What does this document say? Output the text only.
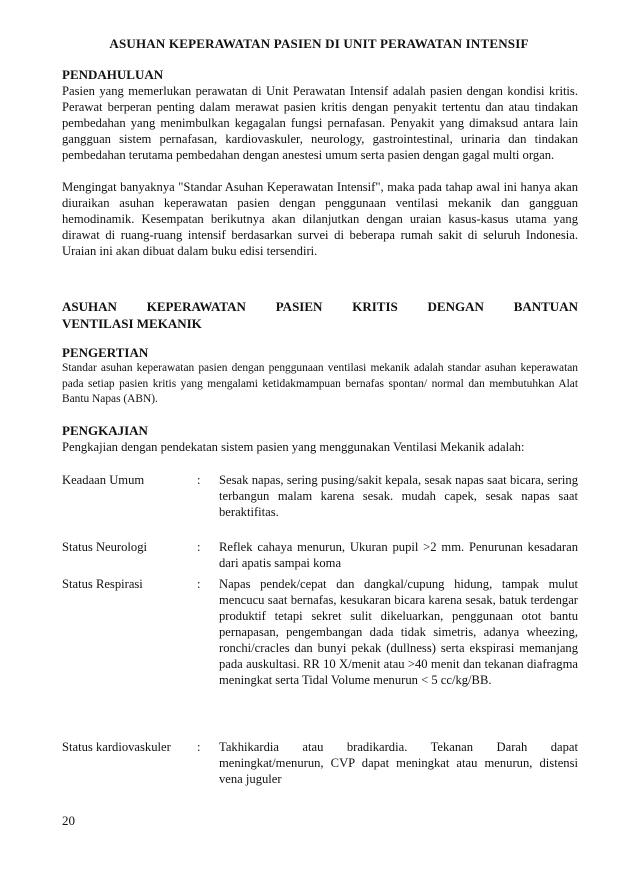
ASUHAN KEPERAWATAN PASIEN DI UNIT PERAWATAN INTENSIF
PENDAHULUAN
Pasien yang memerlukan perawatan di Unit Perawatan Intensif adalah pasien dengan kondisi kritis. Perawat berperan penting dalam merawat pasien kritis dengan penyakit tertentu dan atau tindakan pembedahan yang menimbulkan kegagalan fungsi pernafasan. Penyakit yang dimaksud antara lain gangguan sistem pernafasan, kardiovaskuler, neurology, gastrointestinal, urinaria dan tindakan pembedahan terutama pembedahan dengan anestesi umum serta pasien dengan gagal multi organ.
Mengingat banyaknya "Standar Asuhan Keperawatan Intensif", maka pada tahap awal ini hanya akan diuraikan asuhan keperawatan pasien dengan penggunaan ventilasi mekanik dan gangguan hemodinamik. Kesempatan berikutnya akan dilanjutkan dengan uraian kasus-kasus utama yang dirawat di ruang-ruang intensif berdasarkan survei di beberapa rumah sakit di seluruh Indonesia. Uraian ini akan dibuat dalam buku edisi tersendiri.
ASUHAN KEPERAWATAN PASIEN KRITIS DENGAN BANTUAN
VENTILASI MEKANIK
PENGERTIAN
Standar asuhan keperawatan pasien dengan penggunaan ventilasi mekanik adalah standar asuhan keperawatan pada setiap pasien kritis yang mengalami ketidakmampuan bernafas spontan/ normal dan membutuhkan Alat Bantu Napas (ABN).
PENGKAJIAN
Pengkajian dengan pendekatan sistem pasien yang menggunakan Ventilasi Mekanik adalah:
Keadaan Umum	: Sesak napas, sering pusing/sakit kepala, sesak napas saat bicara, sering terbangun malam karena sesak. mudah capek, sesak napas saat beraktifitas.
Status Neurologi	: Reflek cahaya menurun, Ukuran pupil >2 mm. Penurunan kesadaran dari apatis sampai koma
Status Respirasi	: Napas pendek/cepat dan dangkal/cupung hidung, tampak mulut mencucu saat bernafas, kesukaran bicara karena sesak, batuk terdengar produktif tetapi sekret sulit dikeluarkan, penggunaan otot bantu pernapasan, pengembangan dada tidak simetris, adanya wheezing, ronchi/cracles dan bunyi pekak (dullness) serta ekspirasi memanjang pada auskultasi. RR 10 X/menit atau >40 menit dan tekanan diafragma meningkat serta Tidal Volume menurun < 5 cc/kg/BB.
Status kardiovaskuler	: Takhikardia atau bradikardia. Tekanan Darah dapat meningkat/menurun, CVP dapat meningkat atau menurun, distensi vena juguler
20
